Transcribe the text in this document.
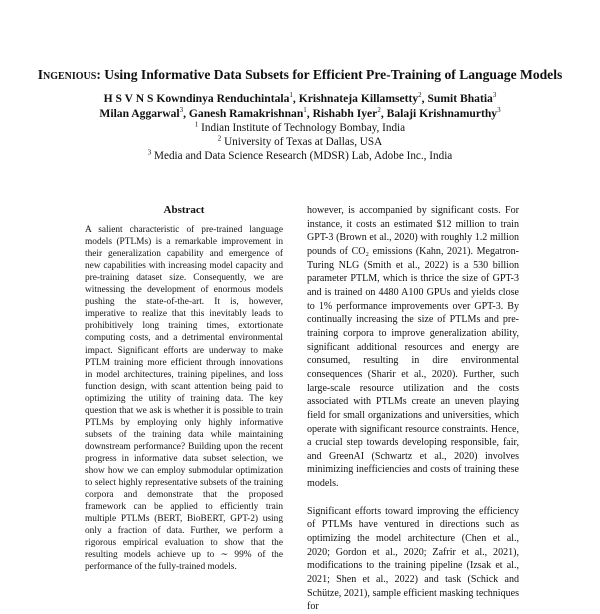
Ingenious: Using Informative Data Subsets for Efficient Pre-Training of Language Models
H S V N S Kowndinya Renduchintala$^1$, Krishnateja Killamsetty$^2$, Sumit Bhatia$^3$
Milan Aggarwal$^3$, Ganesh Ramakrishnan$^1$, Rishabh Iyer$^2$, Balaji Krishnamurthy$^3$
$^1$ Indian Institute of Technology Bombay, India
$^2$ University of Texas at Dallas, USA
$^3$ Media and Data Science Research (MDSR) Lab, Adobe Inc., India
Abstract

A salient characteristic of pre-trained language models (PTLMs) is a remarkable improvement in their generalization capability and emergence of new capabilities with increasing model capacity and pre-training dataset size. Consequently, we are witnessing the development of enormous models pushing the state-of-the-art. It is, however, imperative to realize that this inevitably leads to prohibitively long training times, extortionate computing costs, and a detrimental environmental impact. Significant efforts are underway to make PTLM training more efficient through innovations in model architectures, training pipelines, and loss function design, with scant attention being paid to optimizing the utility of training data. The key question that we ask is whether it is possible to train PTLMs by employing only highly informative subsets of the training data while maintaining downstream performance? Building upon the recent progress in informative data subset selection, we show how we can employ submodular optimization to select highly representative subsets of the training corpora and demonstrate that the proposed framework can be applied to efficiently train multiple PTLMs (BERT, BioBERT, GPT-2) using only a fraction of data. Further, we perform a rigorous empirical evaluation to show that the resulting models achieve up to ∼ 99% of the performance of the fully-trained models.

however, is accompanied by significant costs. For instance, it costs an estimated $12 million to train GPT-3 (Brown et al., 2020) with roughly 1.2 million pounds of CO₂ emissions (Kahn, 2021). Megatron-Turing NLG (Smith et al., 2022) is a 530 billion parameter PTLM, which is thrice the size of GPT-3 and is trained on 4480 A100 GPUs and yields close to 1% performance improvements over GPT-3. By continually increasing the size of PTLMs and pre-training corpora to improve generalization ability, significant additional resources and energy are consumed, resulting in dire environmental consequences (Sharir et al., 2020). Further, such large-scale resource utilization and the costs associated with PTLMs create an uneven playing field for small organizations and universities, which operate with significant resource constraints. Hence, a crucial step towards developing responsible, fair, and GreenAI (Schwartz et al., 2020) involves minimizing inefficiencies and costs of training these models.

Significant efforts toward improving the efficiency of PTLMs have ventured in directions such as optimizing the model architecture (Chen et al., 2020; Gordon et al., 2020; Zafrir et al., 2021), modifications to the training pipeline (Izsak et al., 2021; Shen et al., 2022) and task (Schick and Schütze, 2021), sample efficient masking techniques for
